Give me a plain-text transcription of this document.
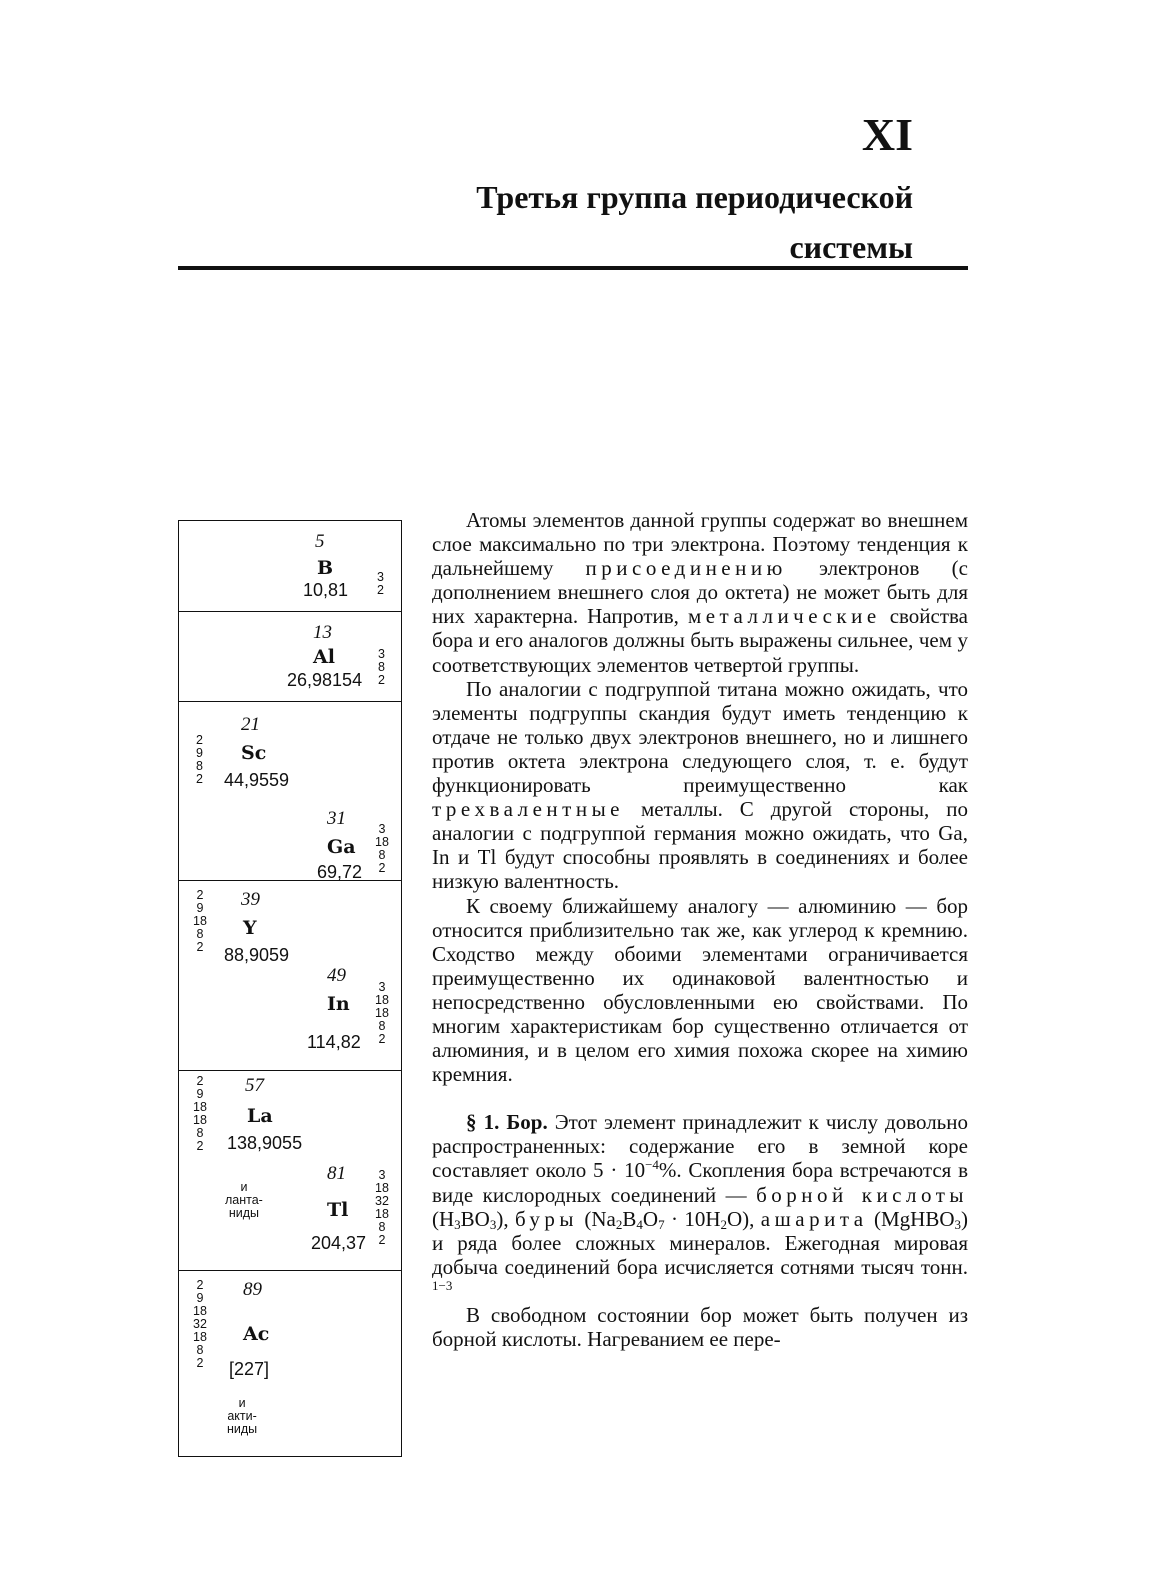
XI
Третья группа периодической
системы
5
B
10,81
3
2
13
Al
26,98154
3
8
2
21
Sc
44,9559
2
9
8
2
31
Ga
69,72
3
18
8
2
39
Y
88,9059
2
9
18
8
2
49
In
114,82
3
18
18
8
2
57
La
138,9055
2
9
18
18
8
2
и
ланта-
ниды
81
Tl
204,37
3
18
32
18
8
2
89
Ac
[227]
2
9
18
32
18
8
2
и
акти-
ниды

Атомы элементов данной группы содержат во внешнем слое максимально по три электрона. Поэтому тенденция к дальнейшему присоединению электронов (с дополнением внешнего слоя до октета) не может быть для них характерна. Напротив, металлические свойства бора и его аналогов должны быть выражены сильнее, чем у соответствующих элементов четвертой группы.

По аналогии с подгруппой титана можно ожидать, что элементы подгруппы скандия будут иметь тенденцию к отдаче не только двух электронов внешнего, но и лишнего против октета электрона следующего слоя, т. е. будут функционировать преимущественно как трехвалентные металлы. С другой стороны, по аналогии с подгруппой германия можно ожидать, что Ga, In и Tl будут способны проявлять в соединениях и более низкую валентность.

К своему ближайшему аналогу — алюминию — бор относится приблизительно так же, как углерод к кремнию. Сходство между обоими элементами ограничивается преимущественно их одинаковой валентностью и непосредственно обусловленными ею свойствами. По многим характеристикам бор существенно отличается от алюминия, и в целом его химия похожа скорее на химию кремния.

§ 1. Бор. Этот элемент принадлежит к числу довольно распространенных: содержание его в земной коре составляет около $5 \cdot 10^{-4}\%$. Скопления бора встречаются в виде кислородных соединений — борной кислоты $(H_3BO_3)$, буры $(Na_2B_4O_7 \cdot 10H_2O)$, ашарита (MgHBO$_3$) и ряда более сложных минералов. Ежегодная мировая добыча соединений бора исчисляется сотнями тысяч тонн. $^{1-3}$

В свободном состоянии бор может быть получен из борной кислоты. Нагреванием ее пере-
